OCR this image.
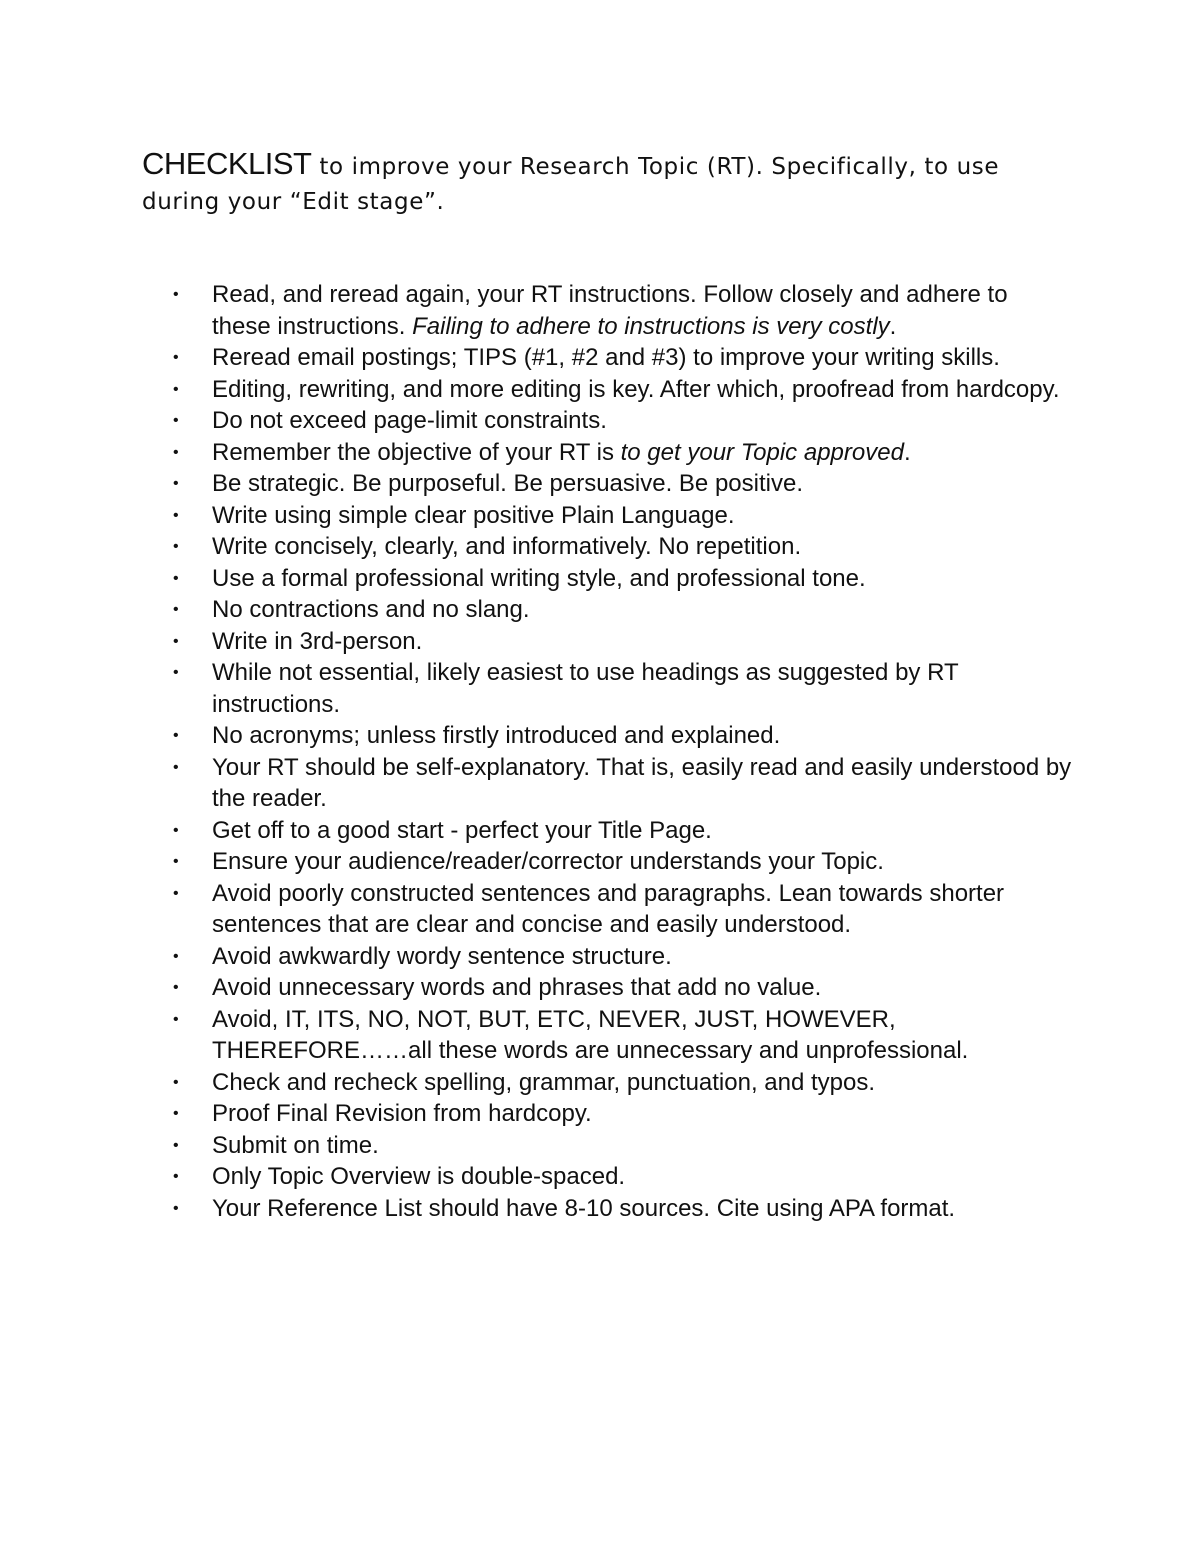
CHECKLIST to improve your Research Topic (RT). Specifically, to use during your “Edit stage”.
• Read, and reread again, your RT instructions. Follow closely and adhere to these instructions. Failing to adhere to instructions is very costly.
• Reread email postings; TIPS (#1, #2 and #3) to improve your writing skills.
• Editing, rewriting, and more editing is key. After which, proofread from hardcopy.
• Do not exceed page-limit constraints.
• Remember the objective of your RT is to get your Topic approved.
• Be strategic. Be purposeful. Be persuasive. Be positive.
• Write using simple clear positive Plain Language.
• Write concisely, clearly, and informatively. No repetition.
• Use a formal professional writing style, and professional tone.
• No contractions and no slang.
• Write in 3rd-person.
• While not essential, likely easiest to use headings as suggested by RT instructions.
• No acronyms; unless firstly introduced and explained.
• Your RT should be self-explanatory. That is, easily read and easily understood by the reader.
• Get off to a good start - perfect your Title Page.
• Ensure your audience/reader/corrector understands your Topic.
• Avoid poorly constructed sentences and paragraphs. Lean towards shorter sentences that are clear and concise and easily understood.
• Avoid awkwardly wordy sentence structure.
• Avoid unnecessary words and phrases that add no value.
• Avoid, IT, ITS, NO, NOT, BUT, ETC, NEVER, JUST, HOWEVER, THEREFORE……all these words are unnecessary and unprofessional.
• Check and recheck spelling, grammar, punctuation, and typos.
• Proof Final Revision from hardcopy.
• Submit on time.
• Only Topic Overview is double-spaced.
• Your Reference List should have 8-10 sources. Cite using APA format.
